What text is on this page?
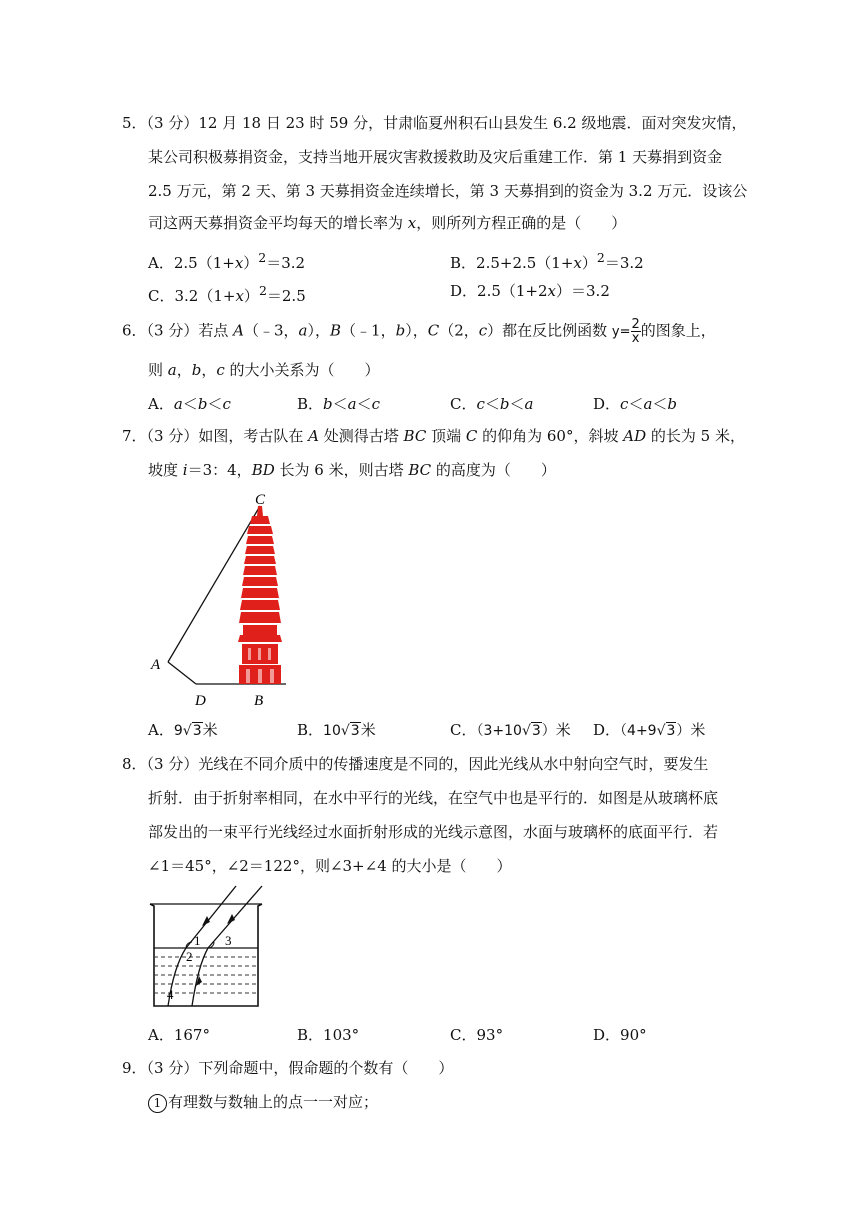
5．（3 分）12 月 18 日 23 时 59 分，甘肃临夏州积石山县发生 6.2 级地震．面对突发灾情，
某公司积极募捐资金，支持当地开展灾害救援救助及灾后重建工作．第 1 天募捐到资金
2.5 万元，第 2 天、第 3 天募捐资金连续增长，第 3 天募捐到的资金为 3.2 万元．设该公
司这两天募捐资金平均每天的增长率为 x，则所列方程正确的是（　　）
A．$2.5(1+x)^2=3.2$	B．$2.5+2.5(1+x)^2=3.2$
C．$3.2(1+x)^2=2.5$	D．2.5（1+2x）＝3.2
6．（3 分）若点 A（﹣3，a），B（﹣1，b），C（2，c）都在反比例函数 $y= \frac{2}{x}$ 的图象上，
则 a，b，c 的大小关系为（　　）
A．a＜b＜c	B．b＜a＜c	C．c＜b＜a	D．c＜a＜b
7．（3 分）如图，考古队在 A 处测得古塔 BC 顶端 C 的仰角为 60°，斜坡 AD 的长为 5 米，
坡度 i＝3：4，BD 长为 6 米，则古塔 BC 的高度为（　　）
C
A
D	B
A．9√3米	B．10√3米	C．（3+10√3）米 D．（4+9√3）米
8．（3 分）光线在不同介质中的传播速度是不同的，因此光线从水中射向空气时，要发生
折射．由于折射率相同，在水中平行的光线，在空气中也是平行的．如图是从玻璃杯底
部发出的一束平行光线经过水面折射形成的光线示意图，水面与玻璃杯的底面平行．若
∠1＝45°，∠2＝122°，则∠3+∠4 的大小是（　　）
1
2
3
4
A．167°	B．103°	C．93°	D．90°
9．（3 分）下列命题中，假命题的个数有（　　）
1 有理数与数轴上的点一一对应；
